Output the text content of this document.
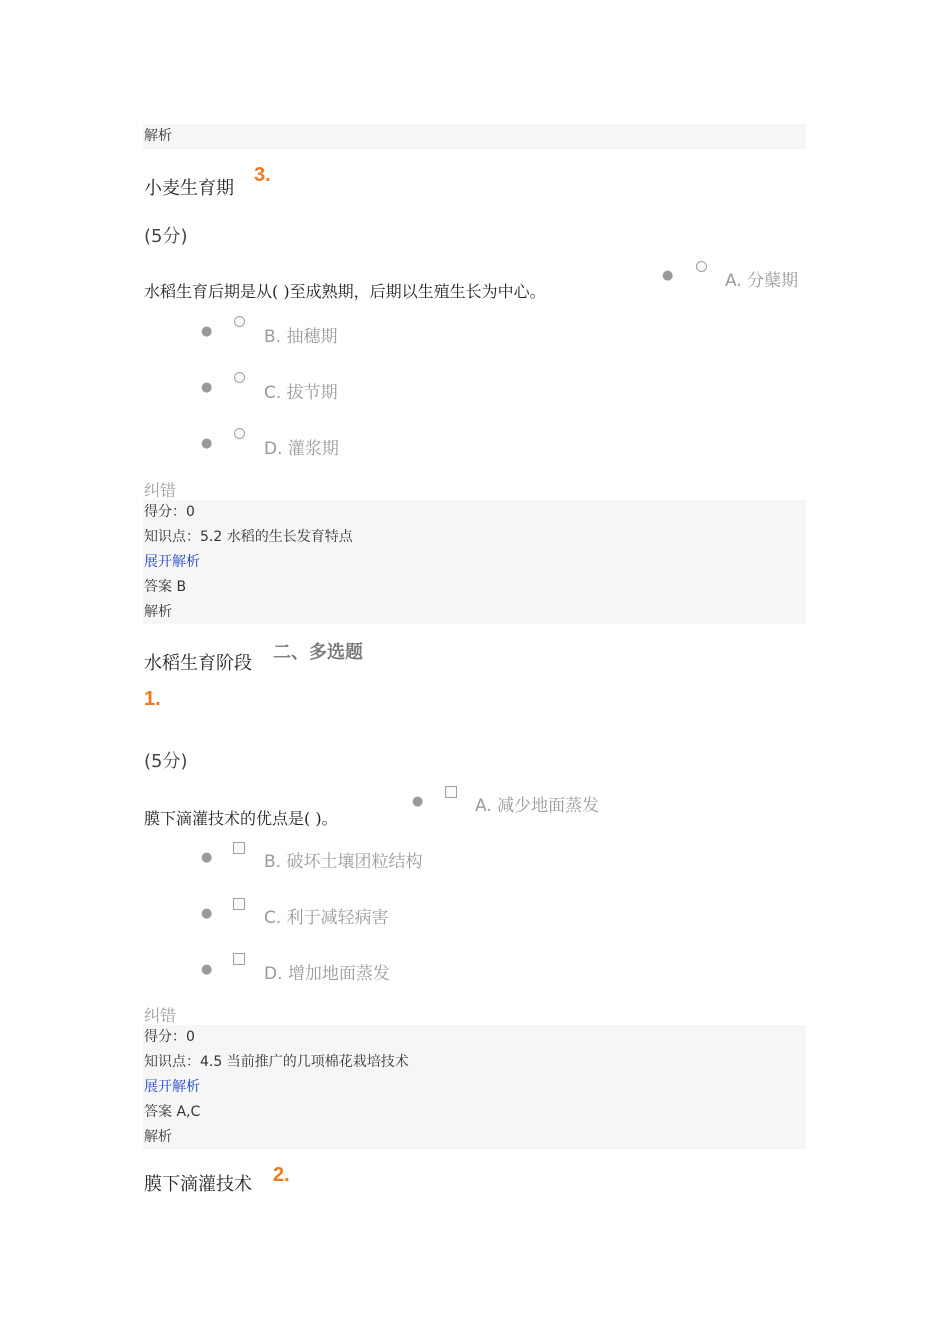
解析
小麦生育期
3.
(5分)
水稻生育后期是从( )至成熟期，后期以生殖生长为中心。
●	A. 分蘖期
●	B. 抽穗期
●	C. 拔节期
●	D. 灌浆期
纠错
得分：0
知识点：5.2 水稻的生长发育特点
展开解析
答案 B
解析
水稻生育阶段
二、多选题
1.
(5分)
膜下滴灌技术的优点是( )。
●	A. 减少地面蒸发
●	B. 破坏土壤团粒结构
●	C. 利于减轻病害
●	D. 增加地面蒸发
纠错
得分：0
知识点：4.5 当前推广的几项棉花栽培技术
展开解析
答案 A,C
解析
膜下滴灌技术 2.
